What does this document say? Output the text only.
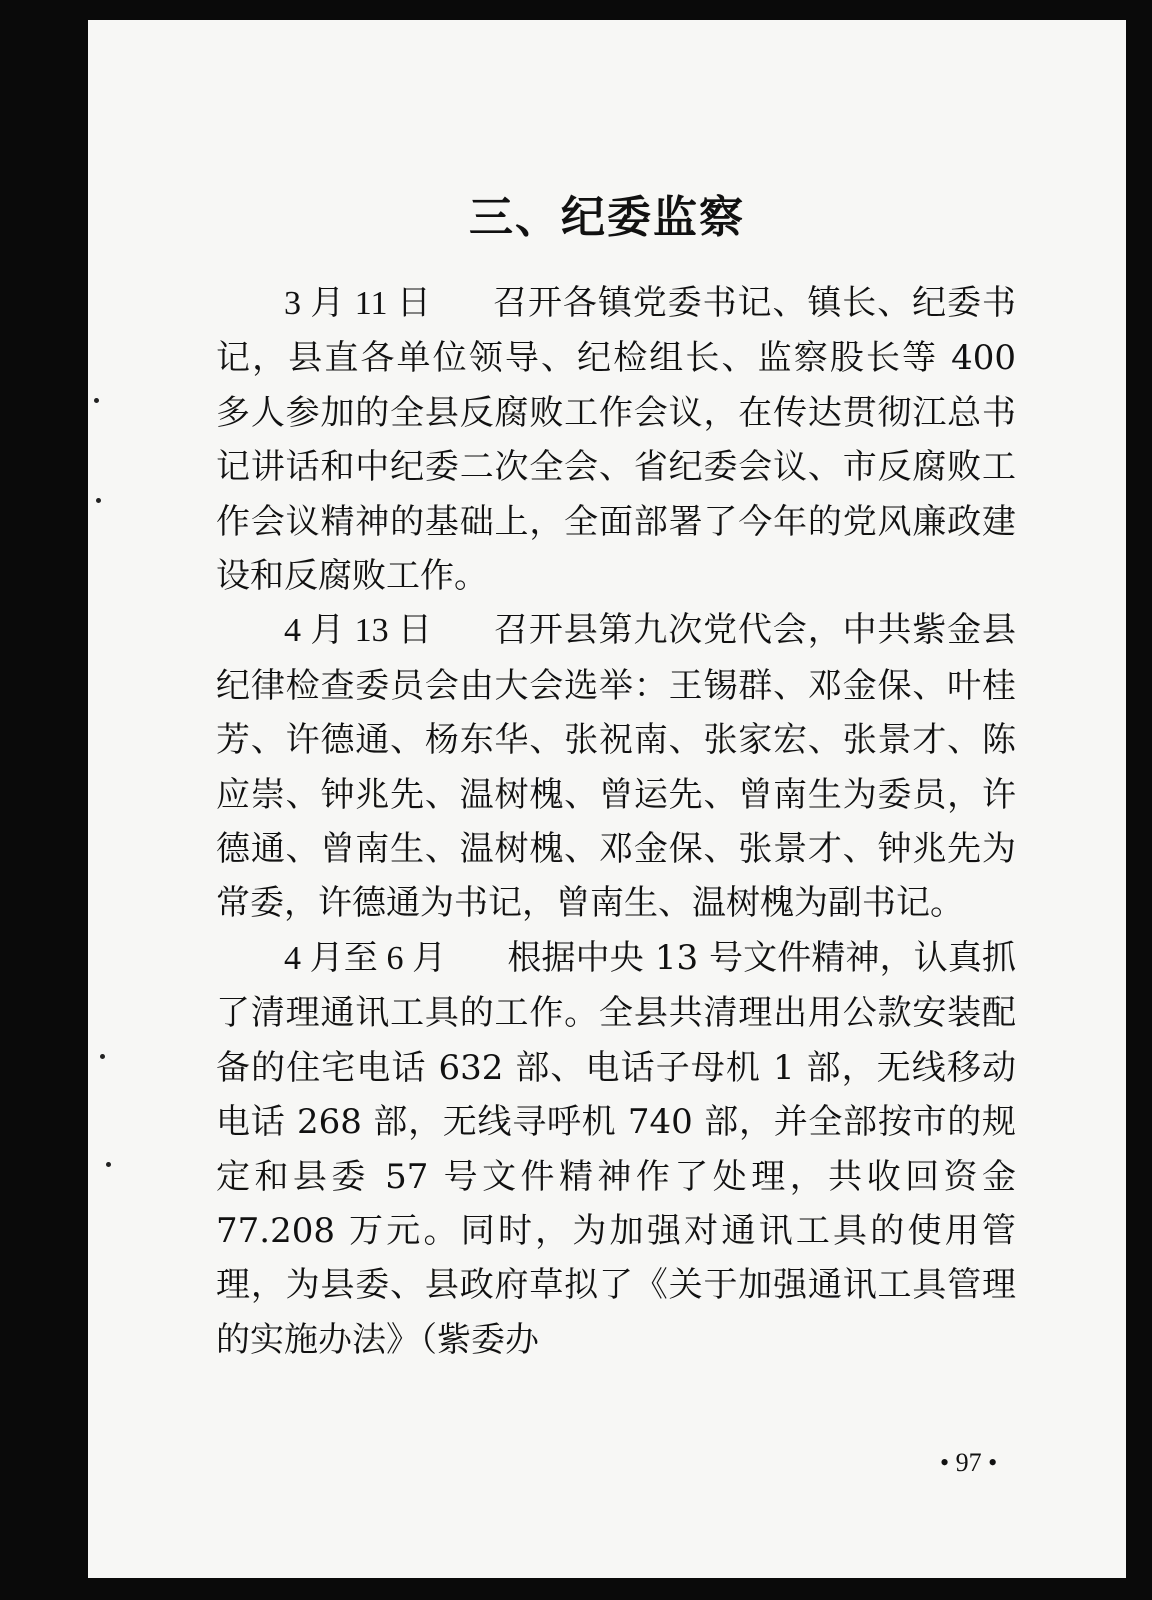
三、纪委监察

3 月 11 日 召开各镇党委书记、镇长、纪委书记，县直各单位领导、纪检组长、监察股长等 400 多人参加的全县反腐败工作会议，在传达贯彻江总书记讲话和中纪委二次全会、省纪委会议、市反腐败工作会议精神的基础上，全面部署了今年的党风廉政建设和反腐败工作。

4 月 13 日 召开县第九次党代会，中共紫金县纪律检查委员会由大会选举：王锡群、邓金保、叶桂芳、许德通、杨东华、张祝南、张家宏、张景才、陈应崇、钟兆先、温树槐、曾运先、曾南生为委员，许德通、曾南生、温树槐、邓金保、张景才、钟兆先为常委，许德通为书记，曾南生、温树槐为副书记。

4 月至 6 月 根据中央 13 号文件精神，认真抓了清理通讯工具的工作。全县共清理出用公款安装配备的住宅电话 632 部、电话子母机 1 部，无线移动电话 268 部，无线寻呼机 740 部，并全部按市的规定和县委 57 号文件精神作了处理，共收回资金 77.208 万元。同时，为加强对通讯工具的使用管理，为县委、县政府草拟了《关于加强通讯工具管理的实施办法》（紫委办

• 97 •
